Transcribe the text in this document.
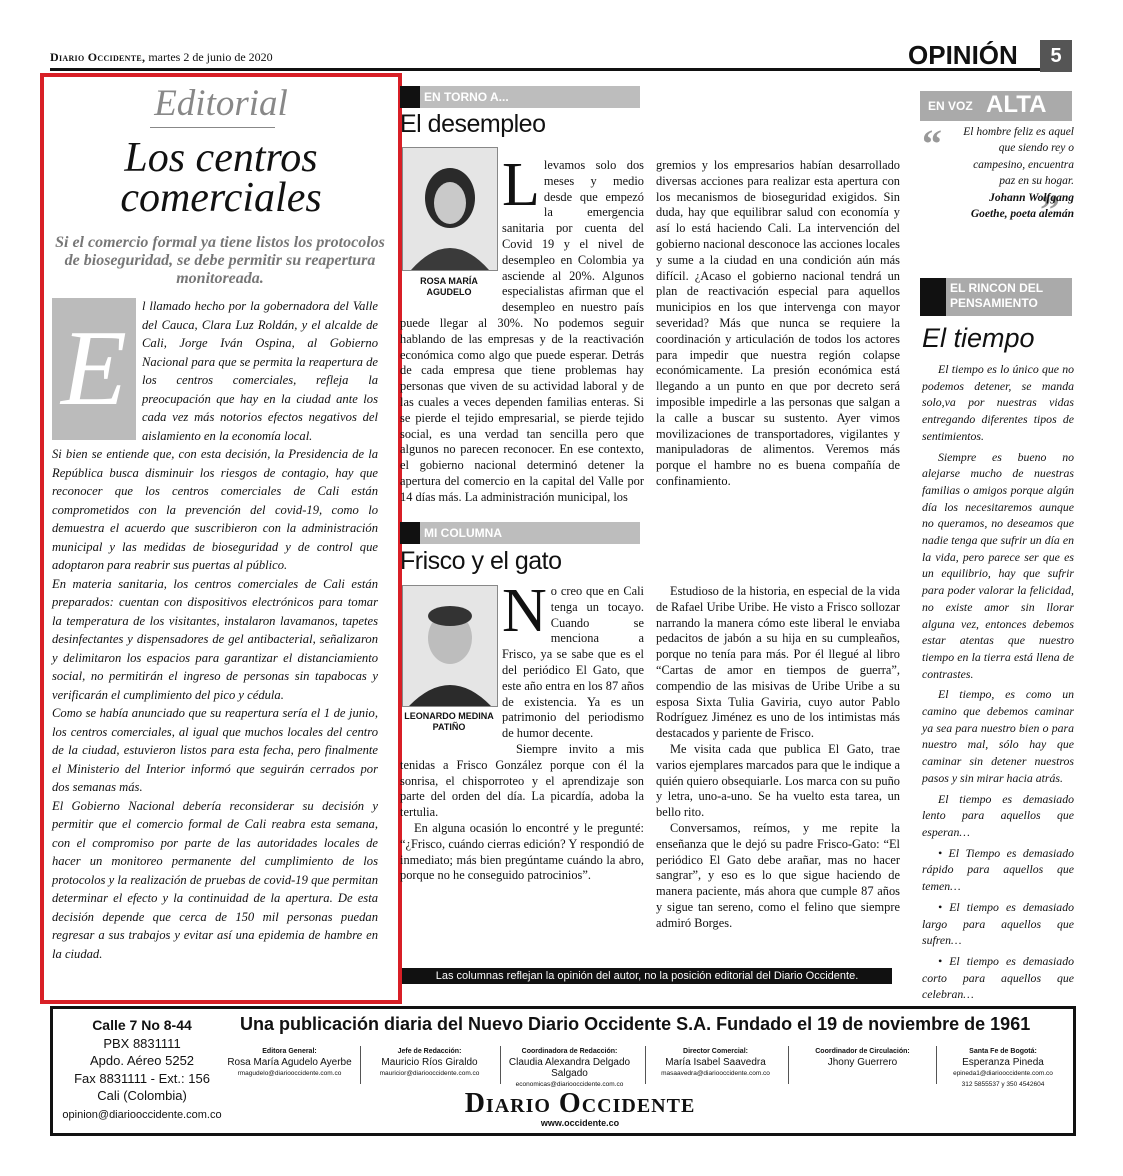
Diario Occidente, martes 2 de junio de 2020	OPINIÓN	5
Editorial
Los centros comerciales
Si el comercio formal ya tiene listos los protocolos de bioseguridad, se debe permitir su reapertura monitoreada.
E

l llamado hecho por la gobernadora del Valle del Cauca, Clara Luz Roldán, y el alcalde de Cali, Jorge Iván Ospina, al Gobierno Nacional para que se permita la reapertura de los centros comerciales, refleja la preocupación que hay en la ciudad ante los cada vez más notorios efectos negativos del aislamiento en la economía local.

Si bien se entiende que, con esta decisión, la Presidencia de la República busca disminuir los riesgos de contagio, hay que reconocer que los centros comerciales de Cali están comprometidos con la prevención del covid-19, como lo demuestra el acuerdo que suscribieron con la administración municipal y las medidas de bioseguridad y de control que adoptaron para reabrir sus puertas al público.

En materia sanitaria, los centros comerciales de Cali están preparados: cuentan con dispositivos electrónicos para tomar la temperatura de los visitantes, instalaron lavamanos, tapetes desinfectantes y dispensadores de gel antibacterial, señalizaron y delimitaron los espacios para garantizar el distanciamiento social, no permitirán el ingreso de personas sin tapabocas y verificarán el cumplimiento del pico y cédula.

Como se había anunciado que su reapertura sería el 1 de junio, los centros comerciales, al igual que muchos locales del centro de la ciudad, estuvieron listos para esta fecha, pero finalmente el Ministerio del Interior informó que seguirán cerrados por dos semanas más.

El Gobierno Nacional debería reconsiderar su decisión y permitir que el comercio formal de Cali reabra esta semana, con el compromiso por parte de las autoridades locales de hacer un monitoreo permanente del cumplimiento de los protocolos y la realización de pruebas de covid-19 que permitan determinar el efecto y la continuidad de la apertura. De esta decisión depende que cerca de 150 mil personas puedan regresar a sus trabajos y evitar así una epidemia de hambre en la ciudad.

EN TORNO A...
El desempleo
ROSA MARÍA AGUDELO
L levamos solo dos meses y medio desde que empezó la emergencia sanitaria por cuenta del Covid 19 y el nivel de desempleo en Colombia ya asciende al 20%. Algunos especialistas afirman que el desempleo en nuestro país puede llegar al 30%. No podemos seguir hablando de las empresas y de la reactivación económica como algo que puede esperar. Detrás de cada empresa que tiene problemas hay personas que viven de su actividad laboral y de las cuales a veces dependen familias enteras. Si se pierde el tejido empresarial, se pierde tejido social, es una verdad tan sencilla pero que algunos no parecen reconocer. En ese contexto, el gobierno nacional determinó detener la apertura del comercio en la capital del Valle por 14 días más. La administración municipal, los

MI COLUMNA
Frisco y el gato
LEONARDO MEDINA PATIÑO
N o creo que en Cali tenga un tocayo. Cuando se menciona a Frisco, ya se sabe que es el del periódico El Gato, que este año entra en los 87 años de existencia. Ya es un patrimonio del periodismo de humor decente.

Siempre invito a mis tenidas a Frisco González porque con él la sonrisa, el chisporroteo y el aprendizaje son parte del orden del día. La picardía, adoba la tertulia.

En alguna ocasión lo encontré y le pregunté: “¿Frisco, cuándo cierras edición? Y respondió de inmediato; más bien pregúntame cuándo la abro, porque no he conseguido patrocinios”.

Estudioso de la historia, en especial de la vida de Rafael Uribe Uribe. He visto a Frisco sollozar narrando la manera cómo este liberal le enviaba pedacitos de jabón a su hija en su cumpleaños, porque no tenía para más. Por él llegué al libro “Cartas de amor en tiempos de guerra”, compendio de las misivas de Uribe Uribe a su esposa Sixta Tulia Gaviria, cuyo autor Pablo Rodríguez Jiménez es uno de los intimistas más destacados y pariente de Frisco.

Me visita cada que publica El Gato, trae varios ejemplares marcados para que le indique a quién quiero obsequiarle. Los marca con su puño y letra, uno-a-uno. Se ha vuelto esta tarea, un bello rito.

Conversamos, reímos, y me repite la enseñanza que le dejó su padre Frisco-Gato: “El periódico El Gato debe arañar, mas no hacer sangrar”, y eso es lo que sigue haciendo de manera paciente, más ahora que cumple 87 años y sigue tan sereno, como el felino que siempre admiró Borges.

Las columnas reflejan la opinión del autor, no la posición editorial del Diario Occidente.
EN VOZ ALTA
“
”

El hombre feliz es aquel que siendo rey o campesino, encuentra paz en su hogar.

Johann Wolfgang Goethe, poeta alemán

EL RINCON DEL PENSAMIENTO
El tiempo

El tiempo es lo único que no podemos detener, se manda solo,va por nuestras vidas entregando diferentes tipos de sentimientos.

Siempre es bueno no alejarse mucho de nuestras familias o amigos porque algún día los necesitaremos aunque no queramos, no deseamos que nadie tenga que sufrir un día en la vida, pero parece ser que es un equilibrio, hay que sufrir para poder valorar la felicidad, no existe amor sin llorar alguna vez, entonces debemos estar atentas que nuestro tiempo en la tierra está llena de contrastes.

El tiempo, es como un camino que debemos caminar ya sea para nuestro bien o para nuestro mal, sólo hay que caminar sin detener nuestros pasos y sin mirar hacia atrás.

El tiempo es demasiado lento para aquellos que esperan…

• El Tiempo es demasiado rápido para aquellos que temen…

• El tiempo es demasiado largo para aquellos que sufren…

• El tiempo es demasiado corto para aquellos que celebran…

Calle 7 No 8-44
PBX 8831111
Apdo. Aéreo 5252
Fax 8831111 - Ext.: 156
Cali (Colombia)
opinion@diariooccidente.com.co
Una publicación diaria del Nuevo Diario Occidente S.A. Fundado el 19 de noviembre de 1961
Editora General:
Rosa María Agudelo Ayerbe
rmagudelo@diariooccidente.com.co
Jefe de Redacción:
Mauricio Ríos Giraldo
mauricior@diariooccidente.com.co
Coordinadora de Redacción:
Claudia Alexandra Delgado Salgado
economicas@diariooccidente.com.co
Director Comercial:
María Isabel Saavedra
masaavedra@diariooccidente.com.co
Coordinador de Circulación:
Jhony Guerrero
Santa Fe de Bogotá:
Esperanza Pineda
epineda1@diariooccidente.com.co
312 5855537 y 350 4542604
Diario Occidente
www.occidente.co

gremios y los empresarios habían desarrollado diversas acciones para realizar esta apertura con los mecanismos de bioseguridad exigidos. Sin duda, hay que equilibrar salud con economía y así lo está haciendo Cali. La intervención del gobierno nacional desconoce las acciones locales y sume a la ciudad en una condición aún más difícil. ¿Acaso el gobierno nacional tendrá un plan de reactivación especial para aquellos municipios en los que intervenga con mayor severidad? Más que nunca se requiere la coordinación y articulación de todos los actores para impedir que nuestra región colapse económicamente. La presión económica está llegando a un punto en que por decreto será imposible impedirle a las personas que salgan a la calle a buscar su sustento. Ayer vimos movilizaciones de transportadores, vigilantes y manipuladoras de alimentos. Veremos más porque el hambre no es buena compañía de confinamiento.
